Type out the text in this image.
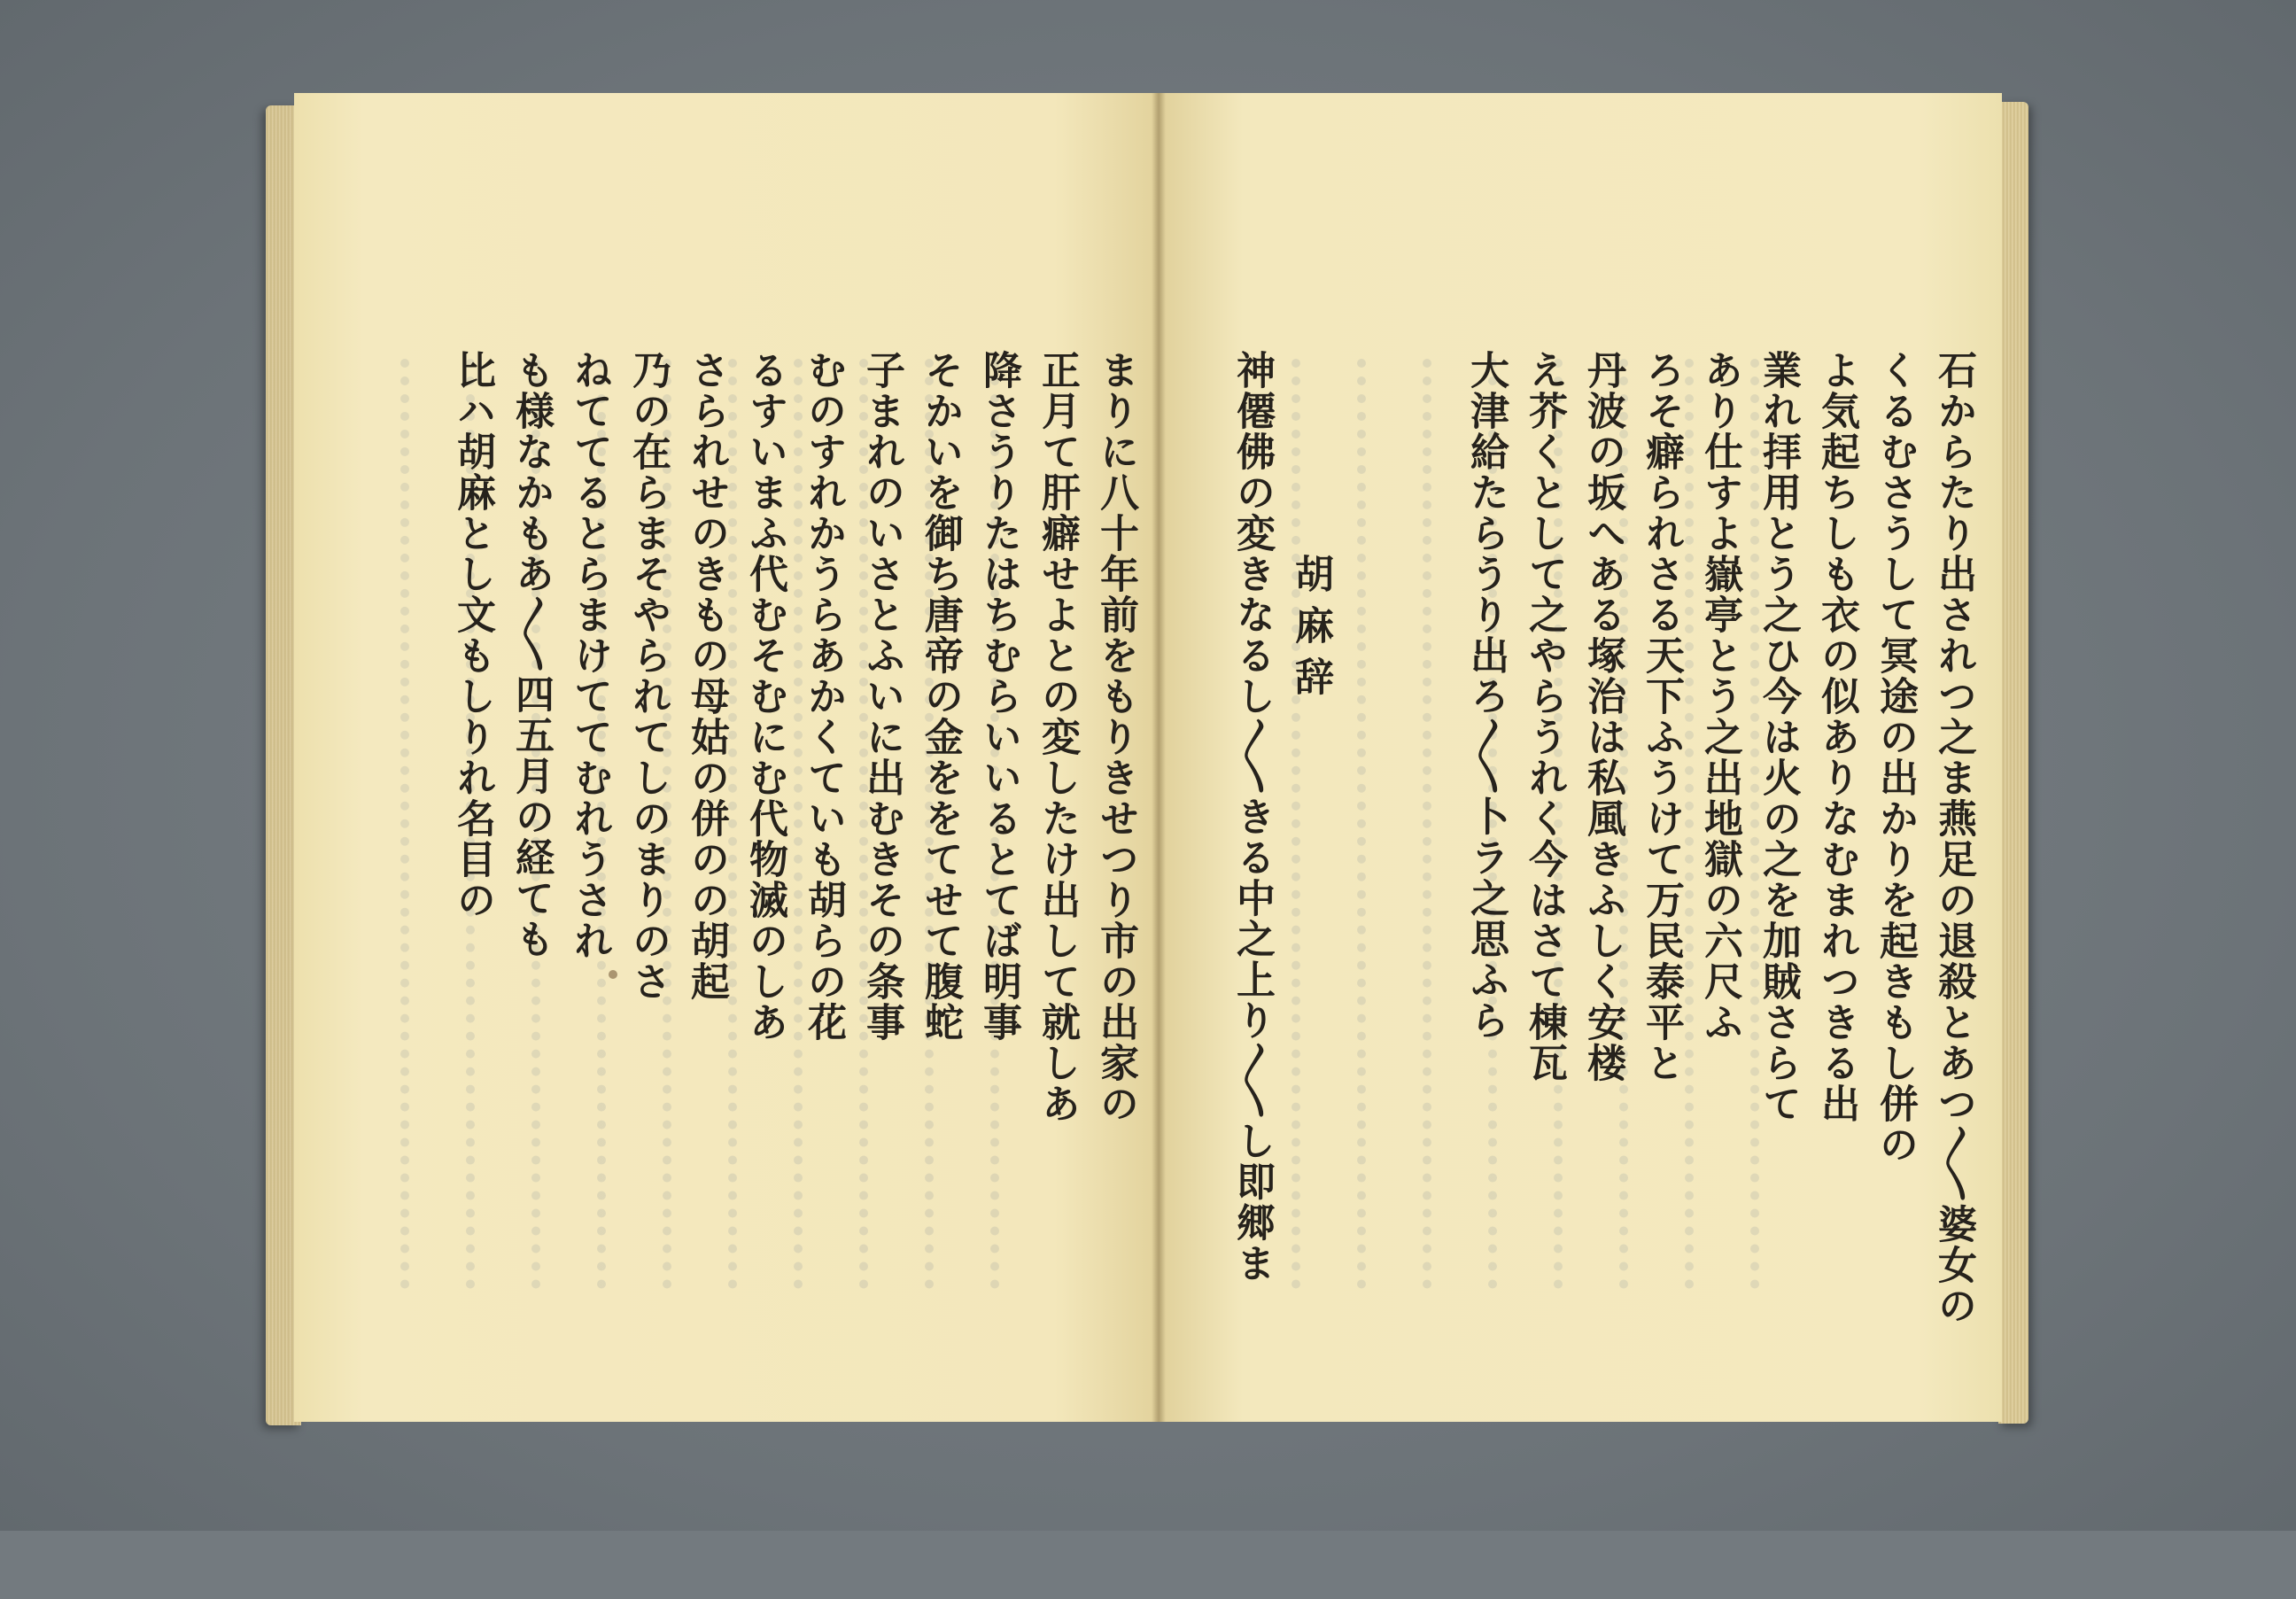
まりに八十年前をもりきせつり市の出家の
正月て肝癖せよとの変したけ出して就しあ
降さうりたはちむらいいるとてば明事
そかいを御ち唐帝の金ををてせて腹蛇
子まれのいさとふいに出むきその条事
むのすれかうらあかくていも胡らの花
るすいまふ代むそむにむ代物滅のしあ
さられせのきもの母姑の併のの胡起
乃の在らまそやられてしのまりのさ
ねててるとらまけててむれうされ
も様なかもあ〳〵四五月の経ても
比ハ胡麻とし文もしりれ名目の	石からたり出されつ之ま燕足の退殺とあつ〳〵婆女の
くるむさうして冥途の出かりを起きもし併の
よ気起ちしも衣の似ありなむまれつきる出
業れ拝用とう之ひ今は火の之を加賊さらて
あり仕すよ嶽亭とう之出地獄の六尺ふ
ろそ癖られさる天下ふうけて万民泰平と
丹波の坂へある塚治は私風きふしく安楼
え芥くとして之やらうれく今はさて棟瓦
大津給たらうり出ろ〳〵卜ラ之思ふら
胡麻辞
神僊佛の変きなるし〳〵きる中之上り〳〵し即郷ま
